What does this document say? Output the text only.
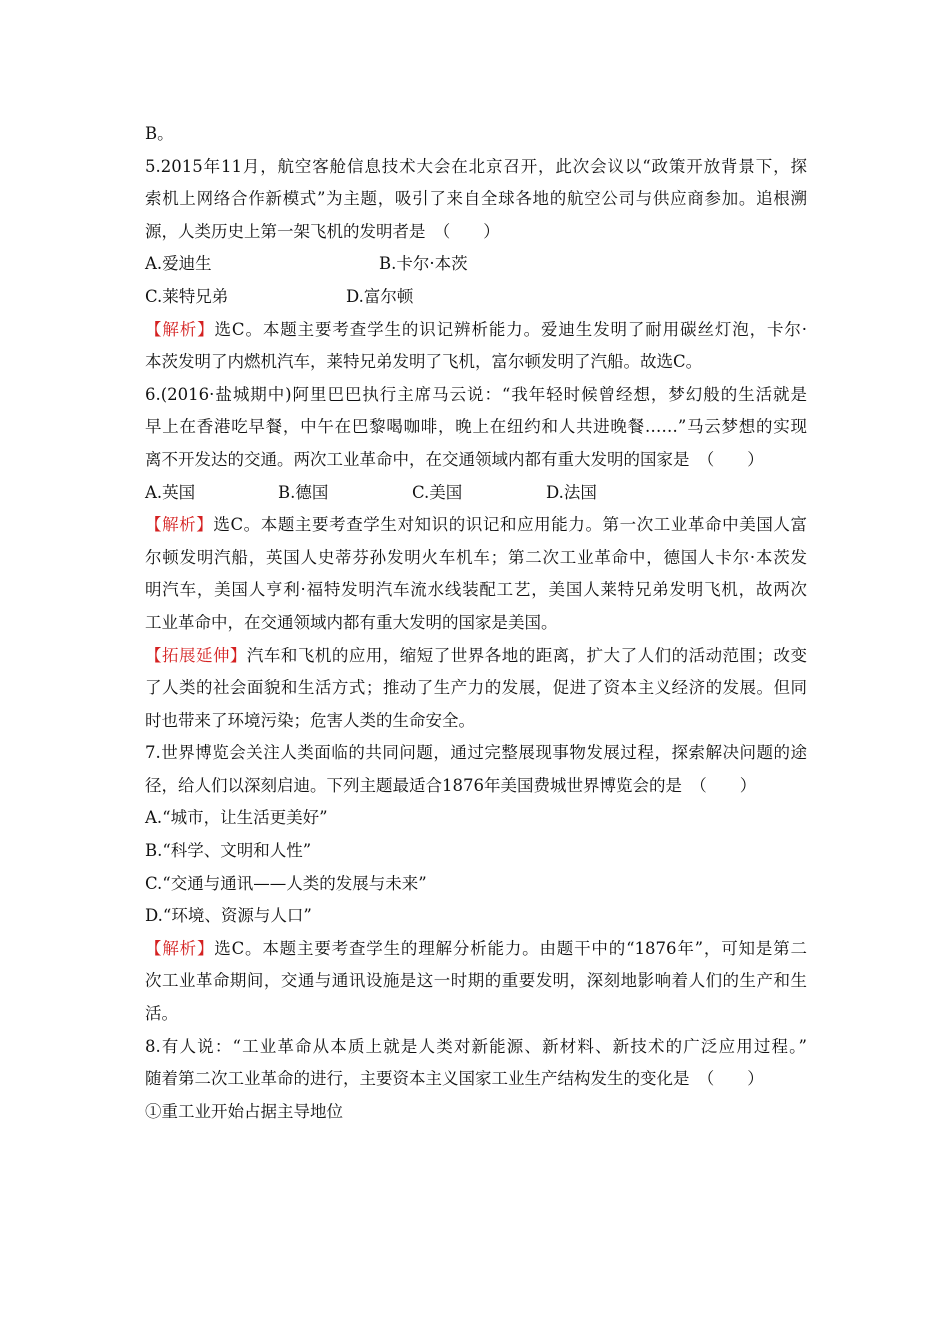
B。
5.2015年11月，航空客舱信息技术大会在北京召开，此次会议以“政策开放背景下，探
索机上网络合作新模式”为主题，吸引了来自全球各地的航空公司与供应商参加。追根溯
源，人类历史上第一架飞机的发明者是　（　　）
A.爱迪生	B.卡尔·本茨
C.莱特兄弟	D.富尔顿
【解析】选C。本题主要考查学生的识记辨析能力。爱迪生发明了耐用碳丝灯泡，卡尔·
本茨发明了内燃机汽车，莱特兄弟发明了飞机，富尔顿发明了汽船。故选C。
6.(2016·盐城期中)阿里巴巴执行主席马云说：“我年轻时候曾经想，梦幻般的生活就是
早上在香港吃早餐，中午在巴黎喝咖啡，晚上在纽约和人共进晚餐……”马云梦想的实现
离不开发达的交通。两次工业革命中，在交通领域内都有重大发明的国家是　（　　）
A.英国	B.德国	C.美国	D.法国
【解析】选C。本题主要考查学生对知识的识记和应用能力。第一次工业革命中美国人富
尔顿发明汽船，英国人史蒂芬孙发明火车机车；第二次工业革命中，德国人卡尔·本茨发
明汽车，美国人亨利·福特发明汽车流水线装配工艺，美国人莱特兄弟发明飞机，故两次
工业革命中，在交通领域内都有重大发明的国家是美国。
【拓展延伸】汽车和飞机的应用，缩短了世界各地的距离，扩大了人们的活动范围；改变
了人类的社会面貌和生活方式；推动了生产力的发展，促进了资本主义经济的发展。但同
时也带来了环境污染；危害人类的生命安全。
7.世界博览会关注人类面临的共同问题，通过完整展现事物发展过程，探索解决问题的途
径，给人们以深刻启迪。下列主题最适合1876年美国费城世界博览会的是　（　　）
A.“城市，让生活更美好”
B.“科学、文明和人性”
C.“交通与通讯——人类的发展与未来”
D.“环境、资源与人口”
【解析】选C。本题主要考查学生的理解分析能力。由题干中的“1876年”，可知是第二
次工业革命期间，交通与通讯设施是这一时期的重要发明，深刻地影响着人们的生产和生
活。
8.有人说：“工业革命从本质上就是人类对新能源、新材料、新技术的广泛应用过程。”
随着第二次工业革命的进行，主要资本主义国家工业生产结构发生的变化是　（　　）
①重工业开始占据主导地位
